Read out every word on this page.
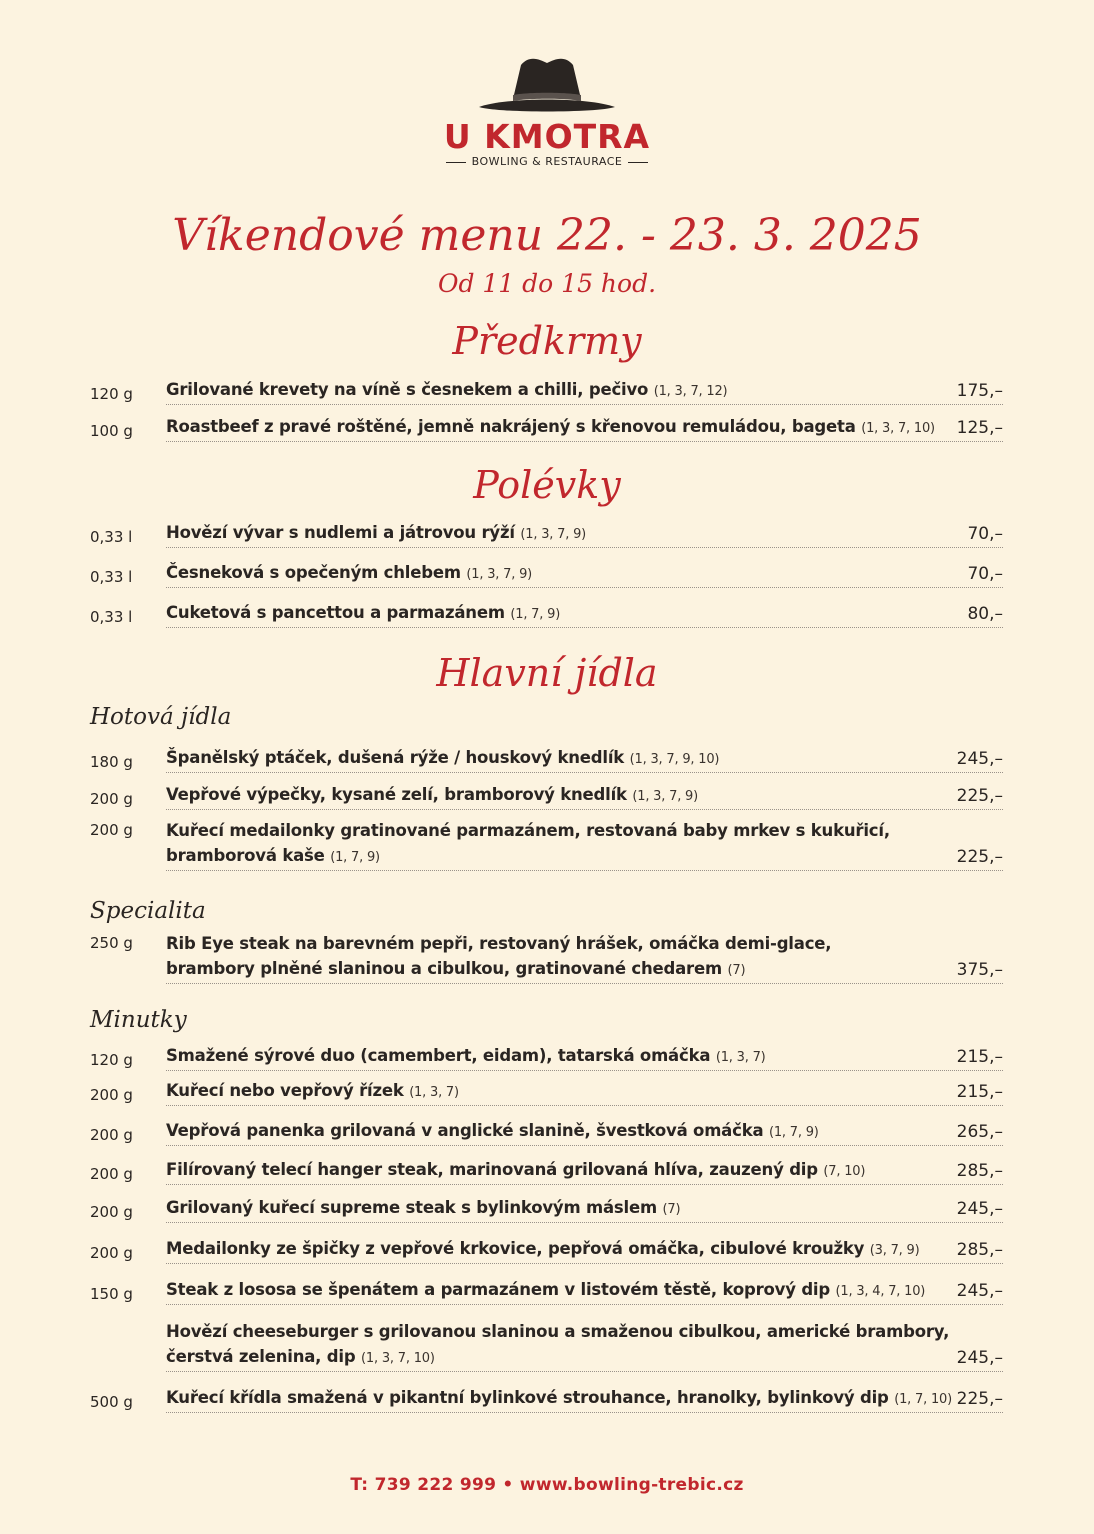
U KMOTRA
BOWLING & RESTAURACE
Víkendové menu 22. - 23. 3. 2025
Od 11 do 15 hod.
Předkrmy
120 g	Grilované krevety na víně s česnekem a chilli, pečivo (1, 3, 7, 12)	175,–
100 g	Roastbeef z pravé roštěné, jemně nakrájený s křenovou remuládou, bageta (1, 3, 7, 10)	125,–
Polévky
0,33 l	Hovězí vývar s nudlemi a játrovou rýží (1, 3, 7, 9)	70,–
0,33 l	Česneková s opečeným chlebem (1, 3, 7, 9)	70,–
0,33 l	Cuketová s pancettou a parmazánem (1, 7, 9)	80,–
Hlavní jídla
Hotová jídla
180 g	Španělský ptáček, dušená rýže / houskový knedlík (1, 3, 7, 9, 10)	245,–
200 g	Vepřové výpečky, kysané zelí, bramborový knedlík (1, 3, 7, 9)	225,–
200 g	Kuřecí medailonky gratinované parmazánem, restovaná baby mrkev s kukuřicí,
bramborová kaše (1, 7, 9)	225,–
Specialita
250 g	Rib Eye steak na barevném pepři, restovaný hrášek, omáčka demi-glace,
brambory plněné slaninou a cibulkou, gratinované chedarem (7)	375,–
Minutky
120 g	Smažené sýrové duo (camembert, eidam), tatarská omáčka (1, 3, 7)	215,–
200 g	Kuřecí nebo vepřový řízek (1, 3, 7)	215,–
200 g	Vepřová panenka grilovaná v anglické slanině, švestková omáčka (1, 7, 9)	265,–
200 g	Filírovaný telecí hanger steak, marinovaná grilovaná hlíva, zauzený dip (7, 10)	285,–
200 g	Grilovaný kuřecí supreme steak s bylinkovým máslem (7)	245,–
200 g	Medailonky ze špičky z vepřové krkovice, pepřová omáčka, cibulové kroužky (3, 7, 9)	285,–
150 g	Steak z lososa se špenátem a parmazánem v listovém těstě, koprový dip (1, 3, 4, 7, 10)	245,–
Hovězí cheeseburger s grilovanou slaninou a smaženou cibulkou, americké brambory,
čerstvá zelenina, dip (1, 3, 7, 10)	245,–
500 g	Kuřecí křídla smažená v pikantní bylinkové strouhance, hranolky, bylinkový dip (1, 7, 10) 225,–
T: 739 222 999 • www.bowling-trebic.cz
